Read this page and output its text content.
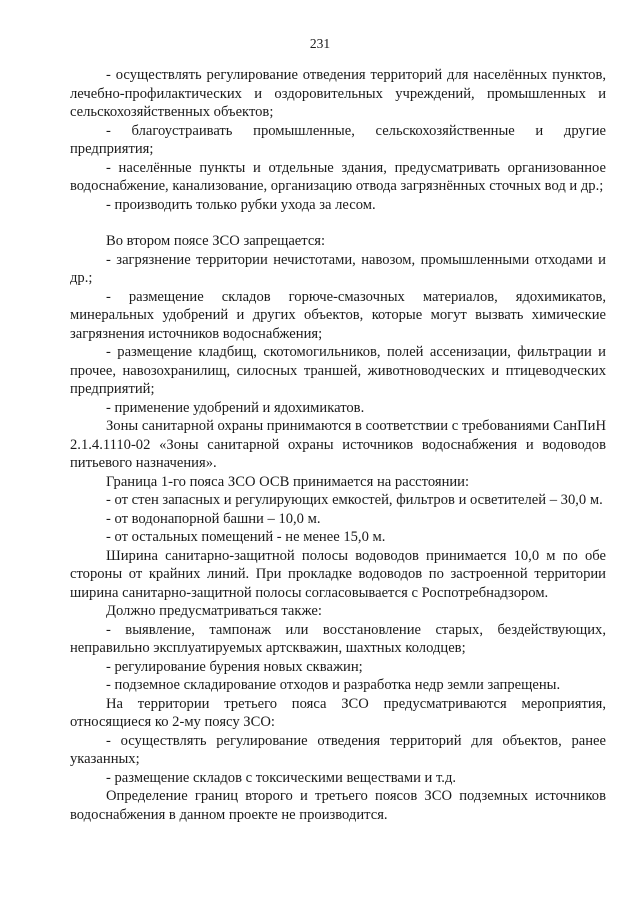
231

- осуществлять регулирование отведения территорий для населённых пунктов, лечебно-профилактических и оздоровительных учреждений, промышленных и сельскохозяйственных объектов;

- благоустраивать промышленные, сельскохозяйственные и другие предприятия;

- населённые пункты и отдельные здания, предусматривать организованное водоснабжение, канализование, организацию отвода загрязнённых сточных вод и др.;

- производить только рубки ухода за лесом.

Во втором поясе ЗСО запрещается:

- загрязнение территории нечистотами, навозом, промышленными отходами и др.;

- размещение складов горюче-смазочных материалов, ядохимикатов, минеральных удобрений и других объектов, которые могут вызвать химические загрязнения источников водоснабжения;

- размещение кладбищ, скотомогильников, полей ассенизации, фильтрации и прочее, навозохранилищ, силосных траншей, животноводческих и птицеводческих предприятий;

- применение удобрений и ядохимикатов.

Зоны санитарной охраны принимаются в соответствии с требованиями СанПиН 2.1.4.1110-02 «Зоны санитарной охраны источников водоснабжения и водоводов питьевого назначения».

Граница 1-го пояса ЗСО ОСВ принимается на расстоянии:

- от стен запасных и регулирующих емкостей, фильтров и осветителей – 30,0 м.

- от водонапорной башни – 10,0 м.

- от остальных помещений - не менее 15,0 м.

Ширина санитарно-защитной полосы водоводов принимается 10,0 м по обе стороны от крайних линий. При прокладке водоводов по застроенной территории ширина санитарно-защитной полосы согласовывается с Роспотребнадзором.

Должно предусматриваться также:

- выявление, тампонаж или восстановление старых, бездействующих, неправильно эксплуатируемых артскважин, шахтных колодцев;

- регулирование бурения новых скважин;

- подземное складирование отходов и разработка недр земли запрещены.

На территории третьего пояса ЗСО предусматриваются мероприятия, относящиеся ко 2-му поясу ЗСО:

- осуществлять регулирование отведения территорий для объектов, ранее указанных;

- размещение складов с токсическими веществами и т.д.

Определение границ второго и третьего поясов ЗСО подземных источников водоснабжения в данном проекте не производится.
